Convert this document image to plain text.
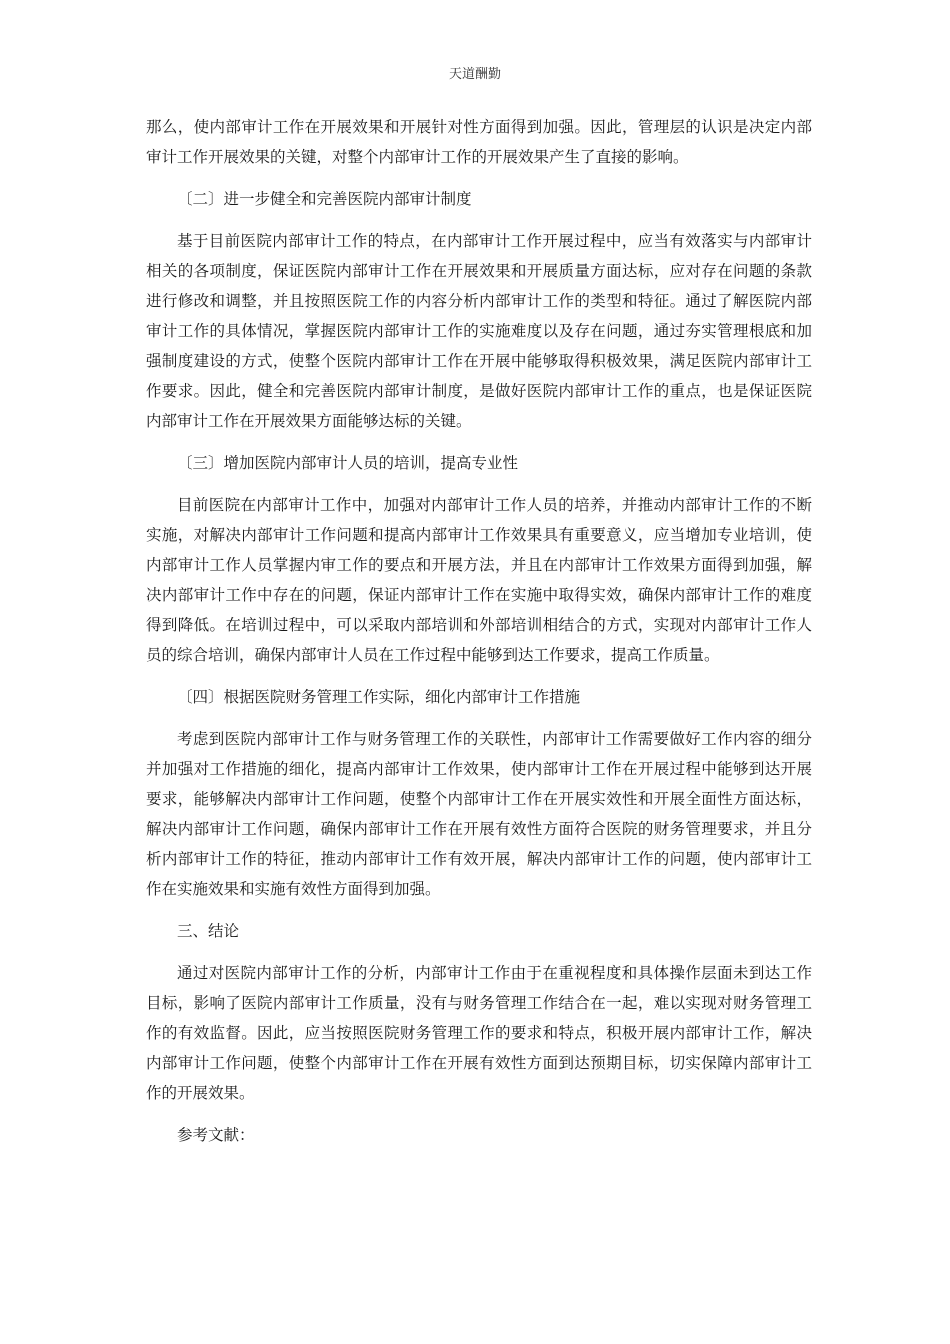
天道酬勤

那么，使内部审计工作在开展效果和开展针对性方面得到加强。因此，管理层的认识是决定内部审计工作开展效果的关键，对整个内部审计工作的开展效果产生了直接的影响。

〔二〕进一步健全和完善医院内部审计制度

基于目前医院内部审计工作的特点，在内部审计工作开展过程中，应当有效落实与内部审计相关的各项制度，保证医院内部审计工作在开展效果和开展质量方面达标，应对存在问题的条款进行修改和调整，并且按照医院工作的内容分析内部审计工作的类型和特征。通过了解医院内部审计工作的具体情况，掌握医院内部审计工作的实施难度以及存在问题，通过夯实管理根底和加强制度建设的方式，使整个医院内部审计工作在开展中能够取得积极效果，满足医院内部审计工作要求。因此，健全和完善医院内部审计制度，是做好医院内部审计工作的重点，也是保证医院内部审计工作在开展效果方面能够达标的关键。

〔三〕增加医院内部审计人员的培训，提高专业性

目前医院在内部审计工作中，加强对内部审计工作人员的培养，并推动内部审计工作的不断实施，对解决内部审计工作问题和提高内部审计工作效果具有重要意义，应当增加专业培训，使内部审计工作人员掌握内审工作的要点和开展方法，并且在内部审计工作效果方面得到加强，解决内部审计工作中存在的问题，保证内部审计工作在实施中取得实效，确保内部审计工作的难度得到降低。在培训过程中，可以采取内部培训和外部培训相结合的方式，实现对内部审计工作人员的综合培训，确保内部审计人员在工作过程中能够到达工作要求，提高工作质量。

〔四〕根据医院财务管理工作实际，细化内部审计工作措施

考虑到医院内部审计工作与财务管理工作的关联性，内部审计工作需要做好工作内容的细分并加强对工作措施的细化，提高内部审计工作效果，使内部审计工作在开展过程中能够到达开展要求，能够解决内部审计工作问题，使整个内部审计工作在开展实效性和开展全面性方面达标，解决内部审计工作问题，确保内部审计工作在开展有效性方面符合医院的财务管理要求，并且分析内部审计工作的特征，推动内部审计工作有效开展，解决内部审计工作的问题，使内部审计工作在实施效果和实施有效性方面得到加强。

三、结论

通过对医院内部审计工作的分析，内部审计工作由于在重视程度和具体操作层面未到达工作目标，影响了医院内部审计工作质量，没有与财务管理工作结合在一起，难以实现对财务管理工作的有效监督。因此，应当按照医院财务管理工作的要求和特点，积极开展内部审计工作，解决内部审计工作问题，使整个内部审计工作在开展有效性方面到达预期目标，切实保障内部审计工作的开展效果。

参考文献：
